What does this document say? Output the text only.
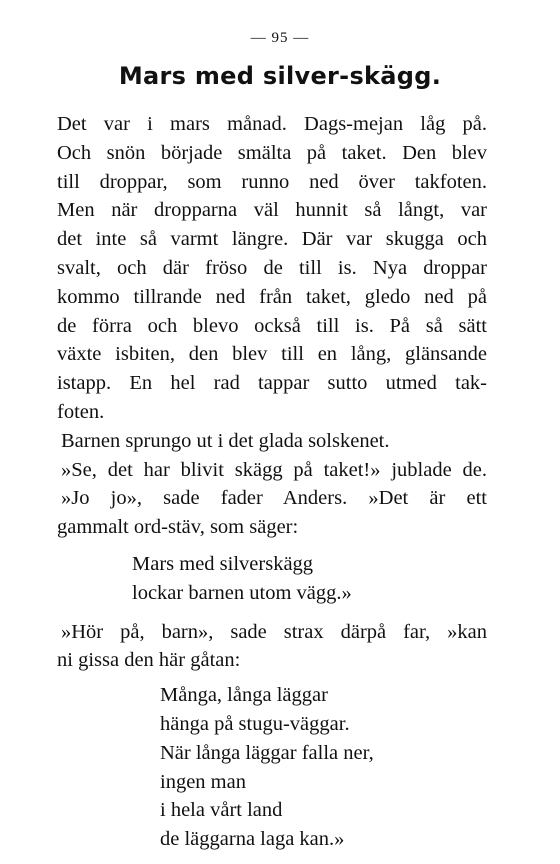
— 95 —
Mars med silver-skägg.
Det var i mars månad. Dags-mejan låg på.
Och snön började smälta på taket. Den blev
till droppar, som runno ned över takfoten.
Men när dropparna väl hunnit så långt, var
det inte så varmt längre. Där var skugga och
svalt, och där fröso de till is. Nya droppar
kommo tillrande ned från taket, gledo ned på
de förra och blevo också till is. På så sätt
växte isbiten, den blev till en lång, glänsande
istapp. En hel rad tappar sutto utmed tak-
foten.
Barnen sprungo ut i det glada solskenet.
»Se, det har blivit skägg på taket!» jublade de.
»Jo jo», sade fader Anders. »Det är ett
gammalt ord-stäv, som säger:
Mars med silverskägg
lockar barnen utom vägg.»
»Hör på, barn», sade strax därpå far, »kan
ni gissa den här gåtan:
Många, långa läggar
hänga på stugu-väggar.
När långa läggar falla ner,
ingen man
i hela vårt land
de läggarna laga kan.»
